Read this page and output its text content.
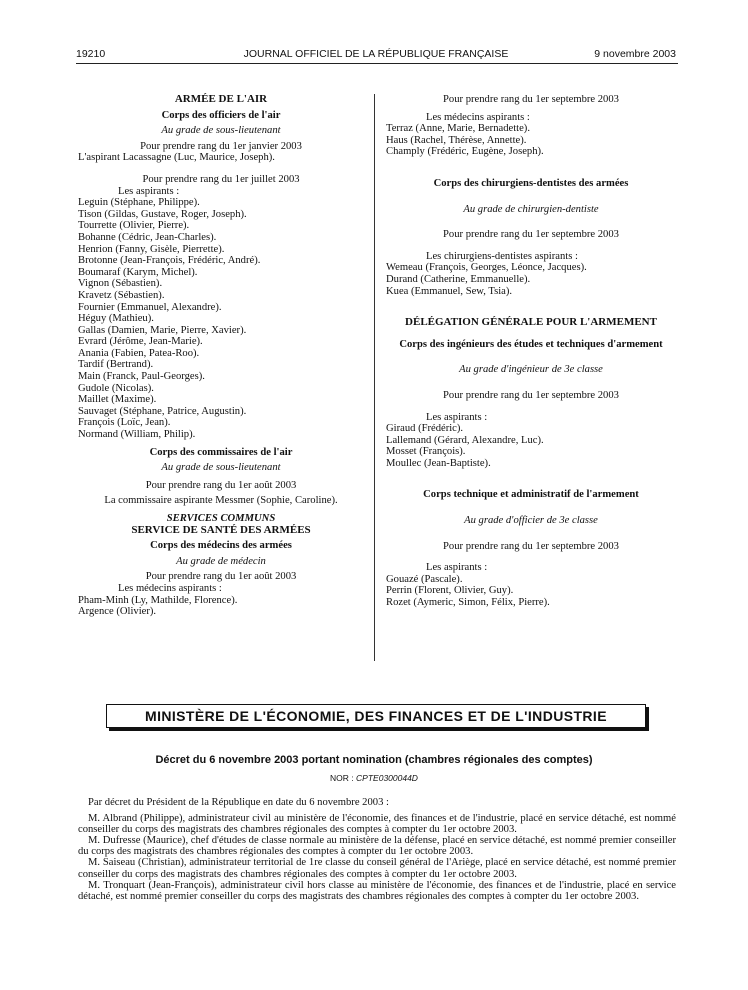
19210	JOURNAL OFFICIEL DE LA RÉPUBLIQUE FRANÇAISE	9 novembre 2003
ARMÉE DE L'AIR
Corps des officiers de l'air
Au grade de sous-lieutenant
Pour prendre rang du 1er janvier 2003
L'aspirant Lacassagne (Luc, Maurice, Joseph).
Pour prendre rang du 1er juillet 2003
Les aspirants :
Leguin (Stéphane, Philippe).
Tison (Gildas, Gustave, Roger, Joseph).
Tourrette (Olivier, Pierre).
Bohanne (Cédric, Jean-Charles).
Henrion (Fanny, Gisèle, Pierrette).
Brotonne (Jean-François, Frédéric, André).
Boumaraf (Karym, Michel).
Vignon (Sébastien).
Kravetz (Sébastien).
Fournier (Emmanuel, Alexandre).
Héguy (Mathieu).
Gallas (Damien, Marie, Pierre, Xavier).
Evrard (Jérôme, Jean-Marie).
Anania (Fabien, Patea-Roo).
Tardif (Bertrand).
Main (Franck, Paul-Georges).
Gudole (Nicolas).
Maillet (Maxime).
Sauvaget (Stéphane, Patrice, Augustin).
François (Loïc, Jean).
Normand (William, Philip).
Corps des commissaires de l'air
Au grade de sous-lieutenant
Pour prendre rang du 1er août 2003
La commissaire aspirante Messmer (Sophie, Caroline).
SERVICES COMMUNS
SERVICE DE SANTÉ DES ARMÉES
Corps des médecins des armées
Au grade de médecin
Pour prendre rang du 1er août 2003
Les médecins aspirants :
Pham-Minh (Ly, Mathilde, Florence).
Argence (Olivier).
Pour prendre rang du 1er septembre 2003
Les médecins aspirants :
Terraz (Anne, Marie, Bernadette).
Haus (Rachel, Thérèse, Annette).
Champly (Frédéric, Eugène, Joseph).
Corps des chirurgiens-dentistes des armées
Au grade de chirurgien-dentiste
Pour prendre rang du 1er septembre 2003
Les chirurgiens-dentistes aspirants :
Wemeau (François, Georges, Léonce, Jacques).
Durand (Catherine, Emmanuelle).
Kuea (Emmanuel, Sew, Tsia).
DÉLÉGATION GÉNÉRALE POUR L'ARMEMENT
Corps des ingénieurs des études et techniques d'armement
Au grade d'ingénieur de 3e classe
Pour prendre rang du 1er septembre 2003
Les aspirants :
Giraud (Frédéric).
Lallemand (Gérard, Alexandre, Luc).
Mosset (François).
Moullec (Jean-Baptiste).
Corps technique et administratif de l'armement
Au grade d'officier de 3e classe
Pour prendre rang du 1er septembre 2003
Les aspirants :
Gouazé (Pascale).
Perrin (Florent, Olivier, Guy).
Rozet (Aymeric, Simon, Félix, Pierre).
MINISTÈRE DE L'ÉCONOMIE, DES FINANCES ET DE L'INDUSTRIE
Décret du 6 novembre 2003 portant nomination (chambres régionales des comptes)
NOR : CPTE0300044D

Par décret du Président de la République en date du 6 novembre 2003 :

M. Albrand (Philippe), administrateur civil au ministère de l'économie, des finances et de l'industrie, placé en service détaché, est nommé conseiller du corps des magistrats des chambres régionales des comptes à compter du 1er octobre 2003.

M. Dufresse (Maurice), chef d'études de classe normale au ministère de la défense, placé en service détaché, est nommé premier conseiller du corps des magistrats des chambres régionales des comptes à compter du 1er octobre 2003.

M. Saiseau (Christian), administrateur territorial de 1re classe du conseil général de l'Ariège, placé en service détaché, est nommé premier conseiller du corps des magistrats des chambres régionales des comptes à compter du 1er octobre 2003.

M. Tronquart (Jean-François), administrateur civil hors classe au ministère de l'économie, des finances et de l'industrie, placé en service détaché, est nommé premier conseiller du corps des magistrats des chambres régionales des comptes à compter du 1er octobre 2003.
